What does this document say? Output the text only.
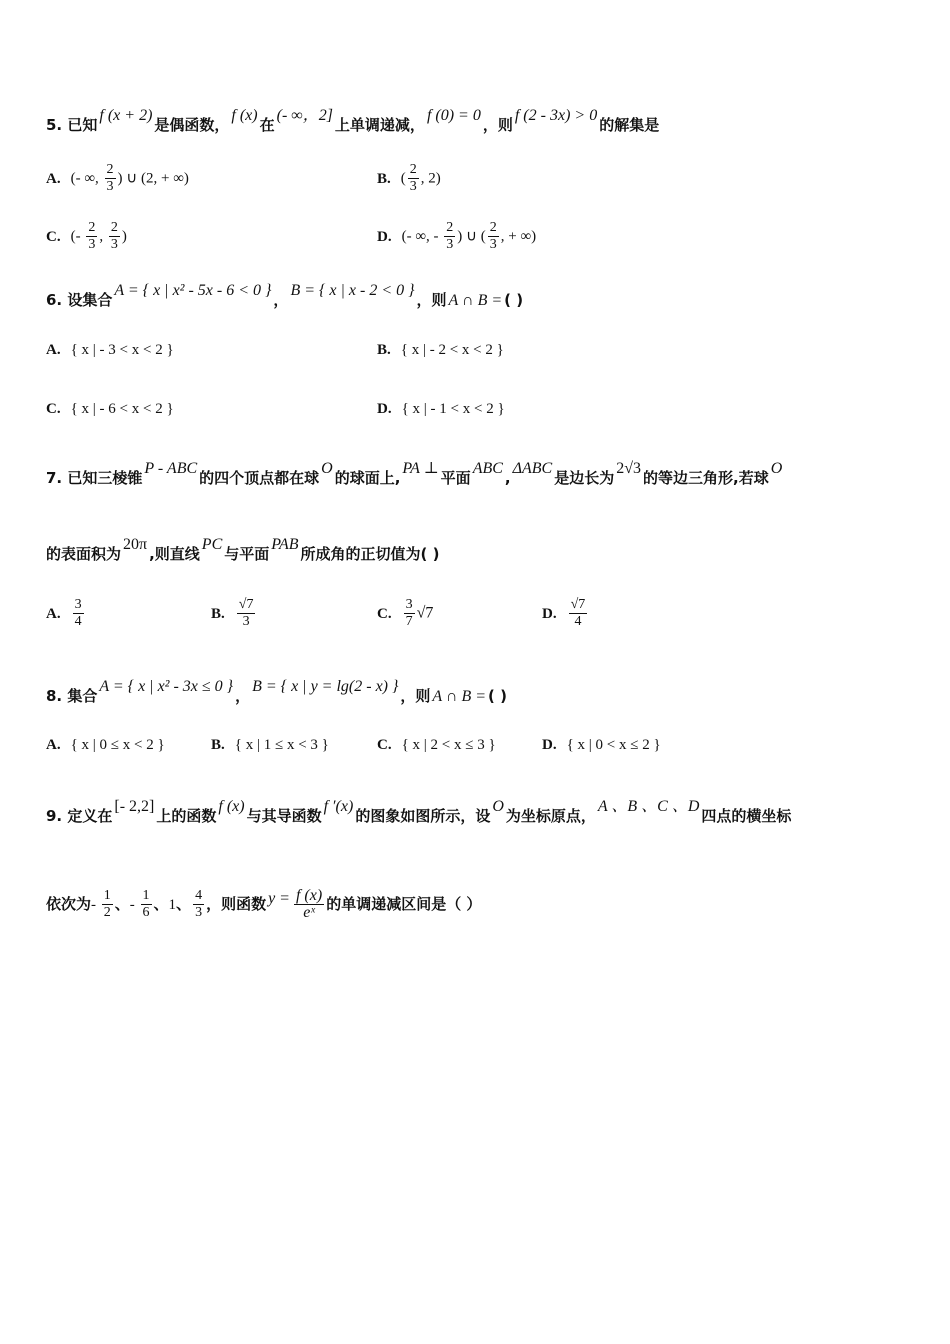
5. 已知f (x + 2)是偶函数，f (x)在(- ∞，2]上单调递减，f (0) = 0，则f (2 - 3x) > 0的解集是
A. (- ∞, $\frac{2}{3}$ ) ∪ (2, + ∞)	B. ( $\frac{2}{3}$ , 2)
C. (- $\frac{2}{3}$ , $\frac{2}{3}$ )	D. (- ∞, - $\frac{2}{3}$ ) ∪ ( $\frac{2}{3}$ , + ∞)
6. 设集合A = { x | x² - 5x - 6 < 0 }，B = { x | x - 2 < 0 }，则 A ∩ B = ( )
A. { x | - 3 < x < 2 }	B. { x | - 2 < x < 2 }
C. { x | - 6 < x < 2 }	D. { x | - 1 < x < 2 }
7. 已知三棱锥P - ABC的四个顶点都在球O的球面上,PA ⊥平面ABC,ΔABC是边长为2√3的等边三角形,若球O
的表面积为20π,则直线PC与平面PAB所成角的正切值为( )
A. $\frac{3}{4}$	B. $\frac{√7}{3}$	C. $\frac{3}{7} √7$	D. $\frac{√7}{4}$
8. 集合A = { x | x² - 3x ≤ 0 }，B = { x | y = lg(2 - x) }，则 A ∩ B = ( )
A. { x | 0 ≤ x < 2 }	B. { x | 1 ≤ x < 3 }	C. { x | 2 < x ≤ 3 }	D. { x | 0 < x ≤ 2 }
9. 定义在[- 2,2]上的函数f (x)与其导函数f ′(x)的图象如图所示，设O为坐标原点，A 、B 、C 、D四点的横坐标
依次为- $\frac{1}{2}$ 、- $\frac{1}{6}$ 、1、 $\frac{4}{3}$ ，则函数 $y = \frac{f (x)}{\text{eˣ}}$ 的单调递减区间是（ ）
